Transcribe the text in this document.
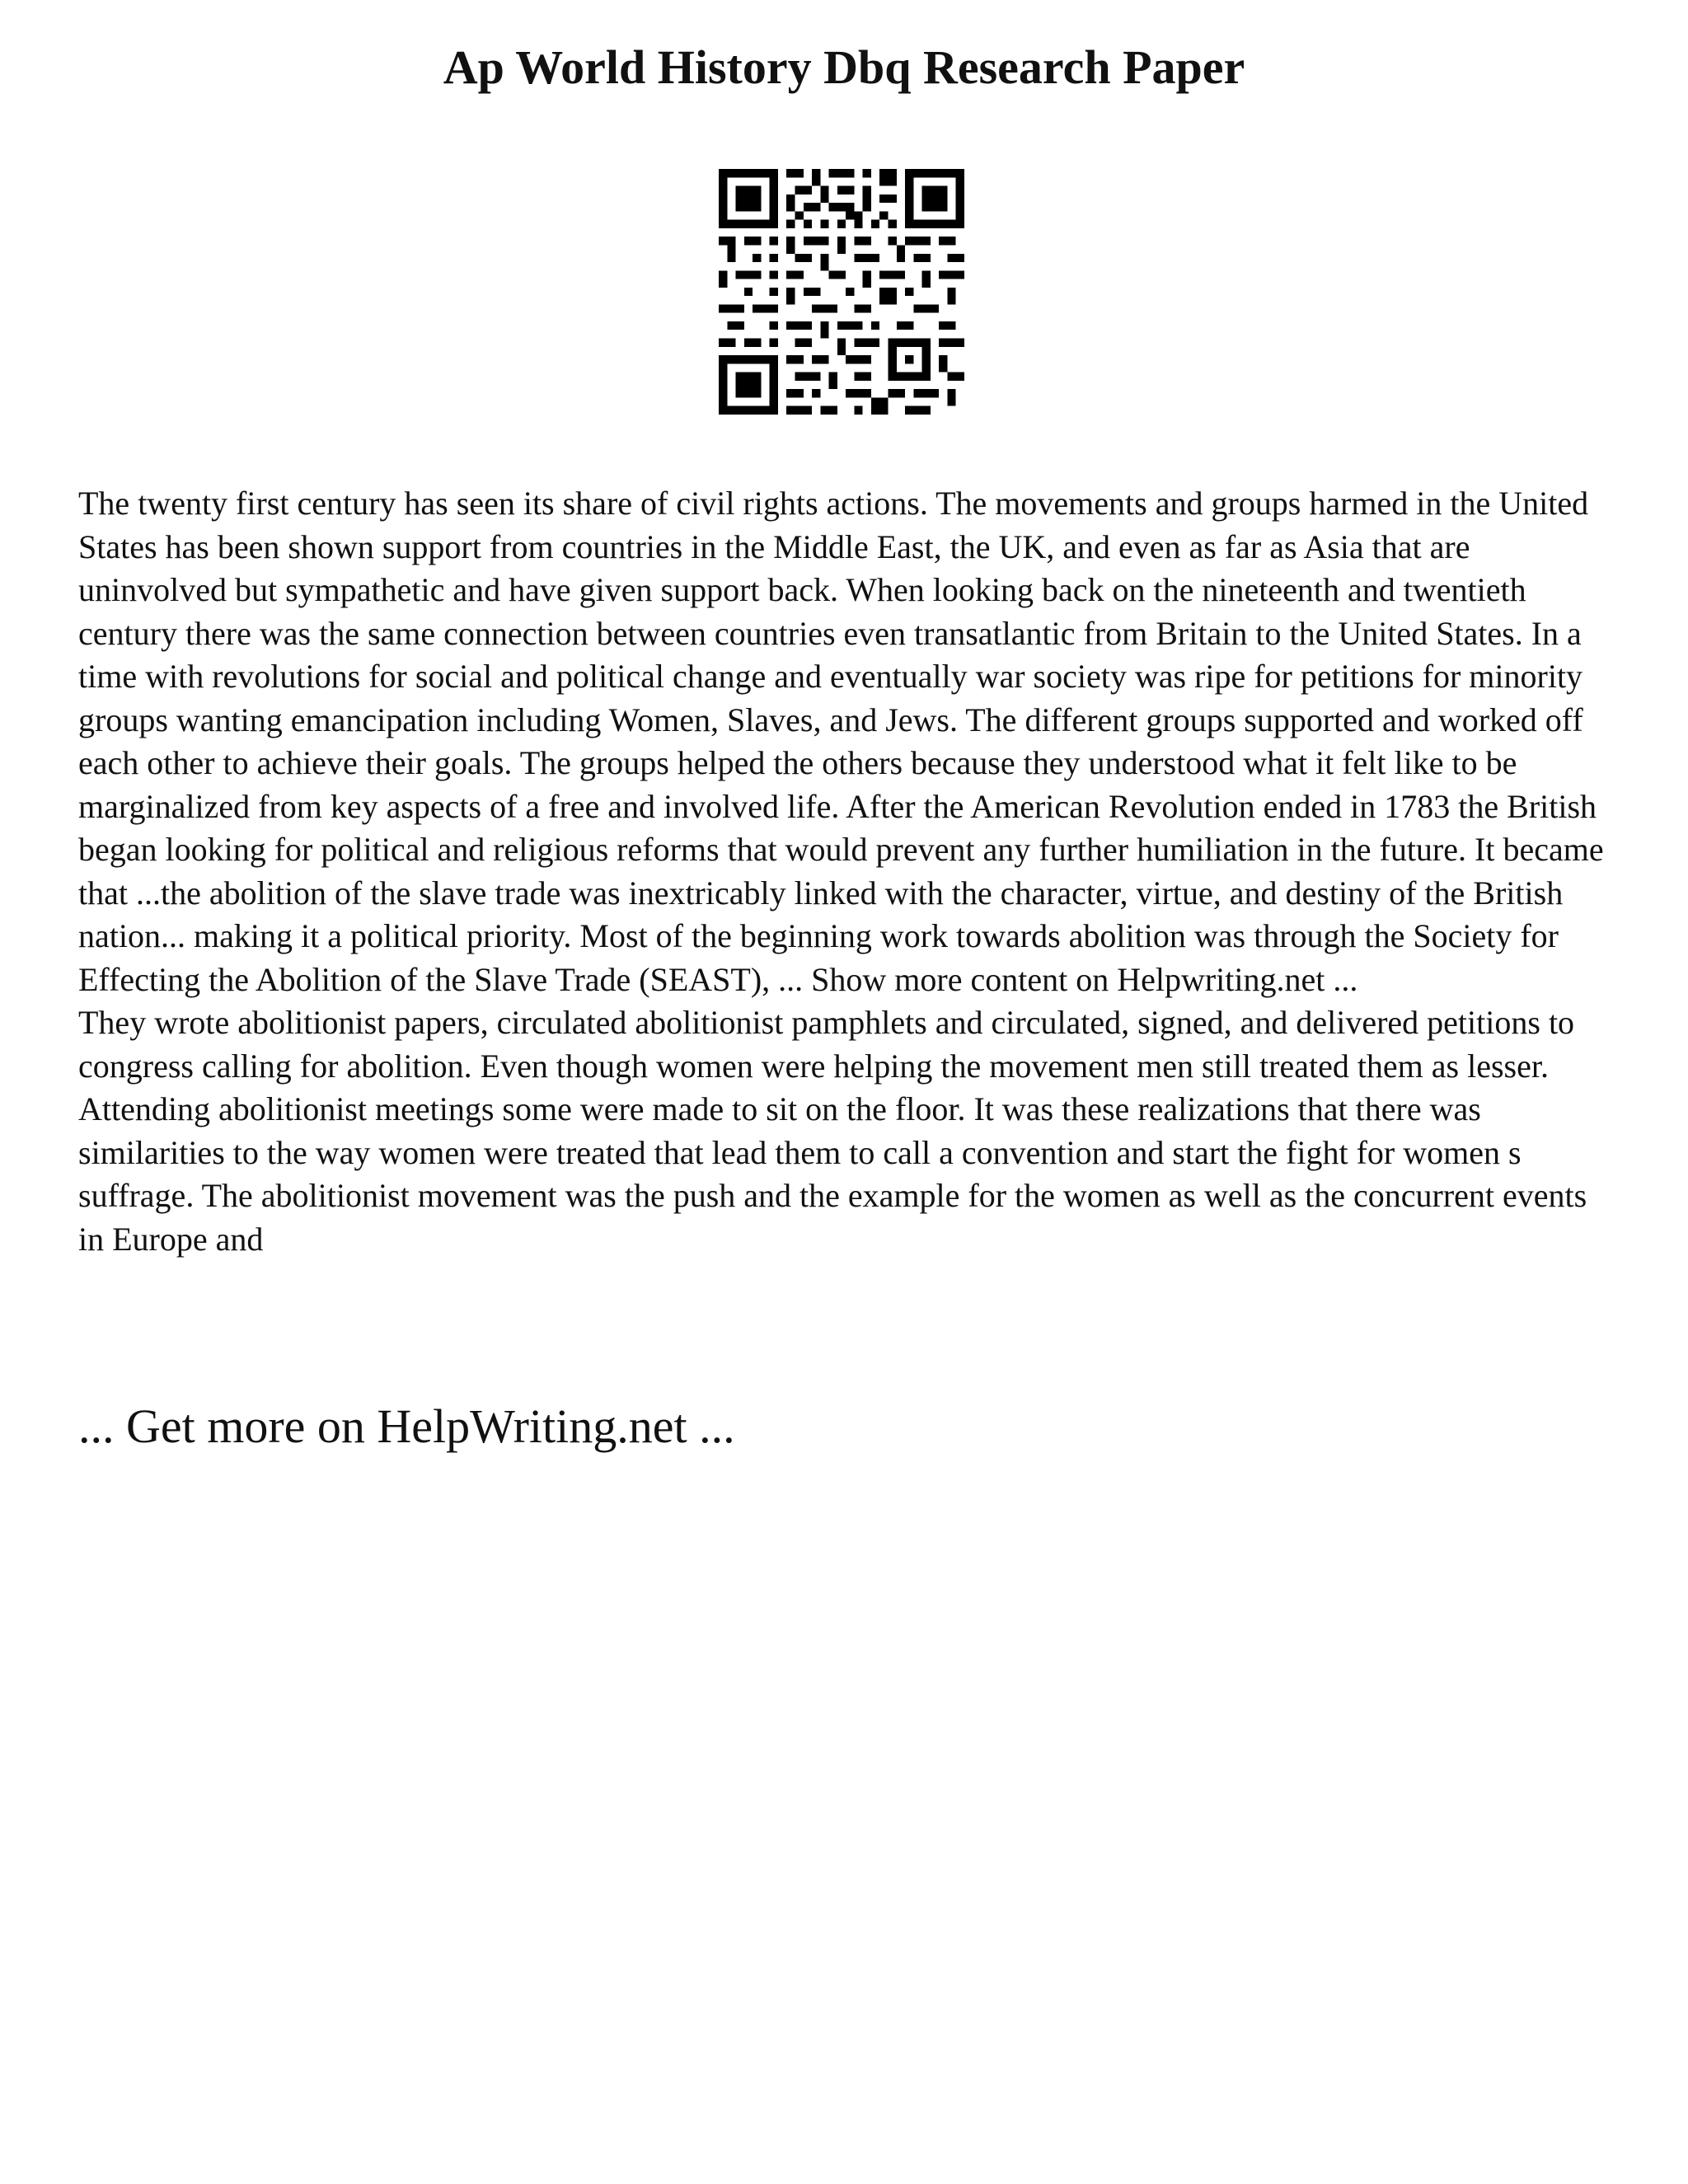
Ap World History Dbq Research Paper

The twenty first century has seen its share of civil rights actions. The movements and groups harmed in the United States has been shown support from countries in the Middle East, the UK, and even as far as Asia that are uninvolved but sympathetic and have given support back. When looking back on the nineteenth and twentieth century there was the same connection between countries even transatlantic from Britain to the United States. In a time with revolutions for social and political change and eventually war society was ripe for petitions for minority groups wanting emancipation including Women, Slaves, and Jews. The different groups supported and worked off each other to achieve their goals. The groups helped the others because they understood what it felt like to be marginalized from key aspects of a free and involved life. After the American Revolution ended in 1783 the British began looking for political and religious reforms that would prevent any further humiliation in the future. It became that ...the abolition of the slave trade was inextricably linked with the character, virtue, and destiny of the British nation... making it a political priority. Most of the beginning work towards abolition was through the Society for Effecting the Abolition of the Slave Trade (SEAST), ... Show more content on Helpwriting.net ...

They wrote abolitionist papers, circulated abolitionist pamphlets and circulated, signed, and delivered petitions to congress calling for abolition. Even though women were helping the movement men still treated them as lesser. Attending abolitionist meetings some were made to sit on the floor. It was these realizations that there was similarities to the way women were treated that lead them to call a convention and start the fight for women s suffrage. The abolitionist movement was the push and the example for the women as well as the concurrent events in Europe and

... Get more on HelpWriting.net ...
